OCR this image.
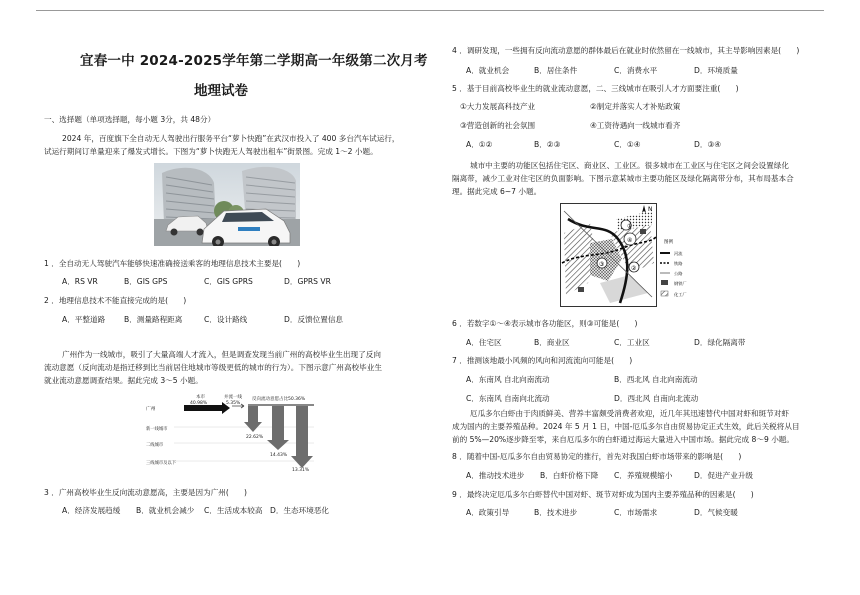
宜春一中 2024-2025学年第二学期高一年级第二次月考
地理试卷
一、选择题（单项选择题，每小题 3分，共 48分）
2024 年，百度旗下全自动无人驾驶出行服务平台“萝卜快跑”在武汉市投入了 400 多台汽车试运行，
试运行期间订单量迎来了爆发式增长。下图为“萝卜快跑无人驾驶出租车”街景图。完成 1～2 小题。
1 ．全自动无人驾驶汽车能够快速准确接送乘客的地理信息技术主要是(　　)
A．RS VR	B．GIS GPS	C．GIS GPRS	D．GPRS VR
2 ．地理信息技术不能直接完成的是(　　)
A．平整道路 B．测量路程距离	C．设计路线	D．反馈位置信息
广州作为一线城市，吸引了大量高端人才流入，但是调查发现当前广州的高校毕业生出现了反向
流动意愿（反向流动是指迁移到比当前居住地城市等级更低的城市的行为）。下图示意广州高校毕业生
就业流动意愿调查结果。据此完成 3～5 小题。
本市
40.98%
并流一线
5.35%
反向流动意愿占比50.36%
广州
新一线城市
二线城市
三线城市及以下
22.62%
14.43%
13.31%
3 ．广州高校毕业生反向流动意愿高，主要是因为广州(　　)
A．经济发展趋缓 B．就业机会减少 C．生活成本较高 D．生态环境恶化
4 ．调研发现，一些拥有反向流动意愿的群体最后在就业时依然留在一线城市，其主导影响因素是(　　)
A．就业机会	B．居住条件	C．消费水平	D．环境质量
5 ．基于目前高校毕业生的就业流动意愿，二、三线城市在吸引人才方面要注重(　　)
①大力发展高科技产业	②制定并落实人才补贴政策
③营造创新的社会氛围	④工资待遇向一线城市看齐
A．①②	B．②③	C．①④	D．③④
城市中主要的功能区包括住宅区、商业区、工业区。很多城市在工业区与住宅区之间会设置绿化
隔离带，减少工业对住宅区的负面影响。下图示意某城市主要功能区及绿化隔离带分布，其布局基本合
理。据此完成 6~7 小题。
①
②
③
④
N
图例
河流
铁路
公路
钢铁厂
化工厂
6 ．若数字①～④表示城市各功能区，则③可能是(　　)
A．住宅区	B．商业区	C．工业区	D．绿化隔离带
7 ．推测该地最小风频的风向和河流流向可能是(　　)
A．东南风 自北向南流动	B．西北风 自北向南流动
C．东南风 自南向北流动	D．西北风 自南向北流动
厄瓜多尔白虾由于肉质鲜美、营养丰富颇受消费者欢迎，近几年其迅速替代中国对虾和斑节对虾
成为国内的主要养殖品种。2024 年 5 月 1 日，中国-厄瓜多尔自由贸易协定正式生效，此后关税将从目
前的 5%—20%逐步降至零，来自厄瓜多尔的白虾通过海运大量进入中国市场。据此完成 8～9 小题。
8 ．随着中国-厄瓜多尔自由贸易协定的推行，首先对我国白虾市场带来的影响是(　　)
A．推动技术进步 B．白虾价格下降 C．养殖规模缩小	D．促进产业升级
9 ．最终决定厄瓜多尔白虾替代中国对虾、斑节对虾成为国内主要养殖品种的因素是(　　)
A．政策引导	B．技术进步	C．市场需求	D．气候变暖
